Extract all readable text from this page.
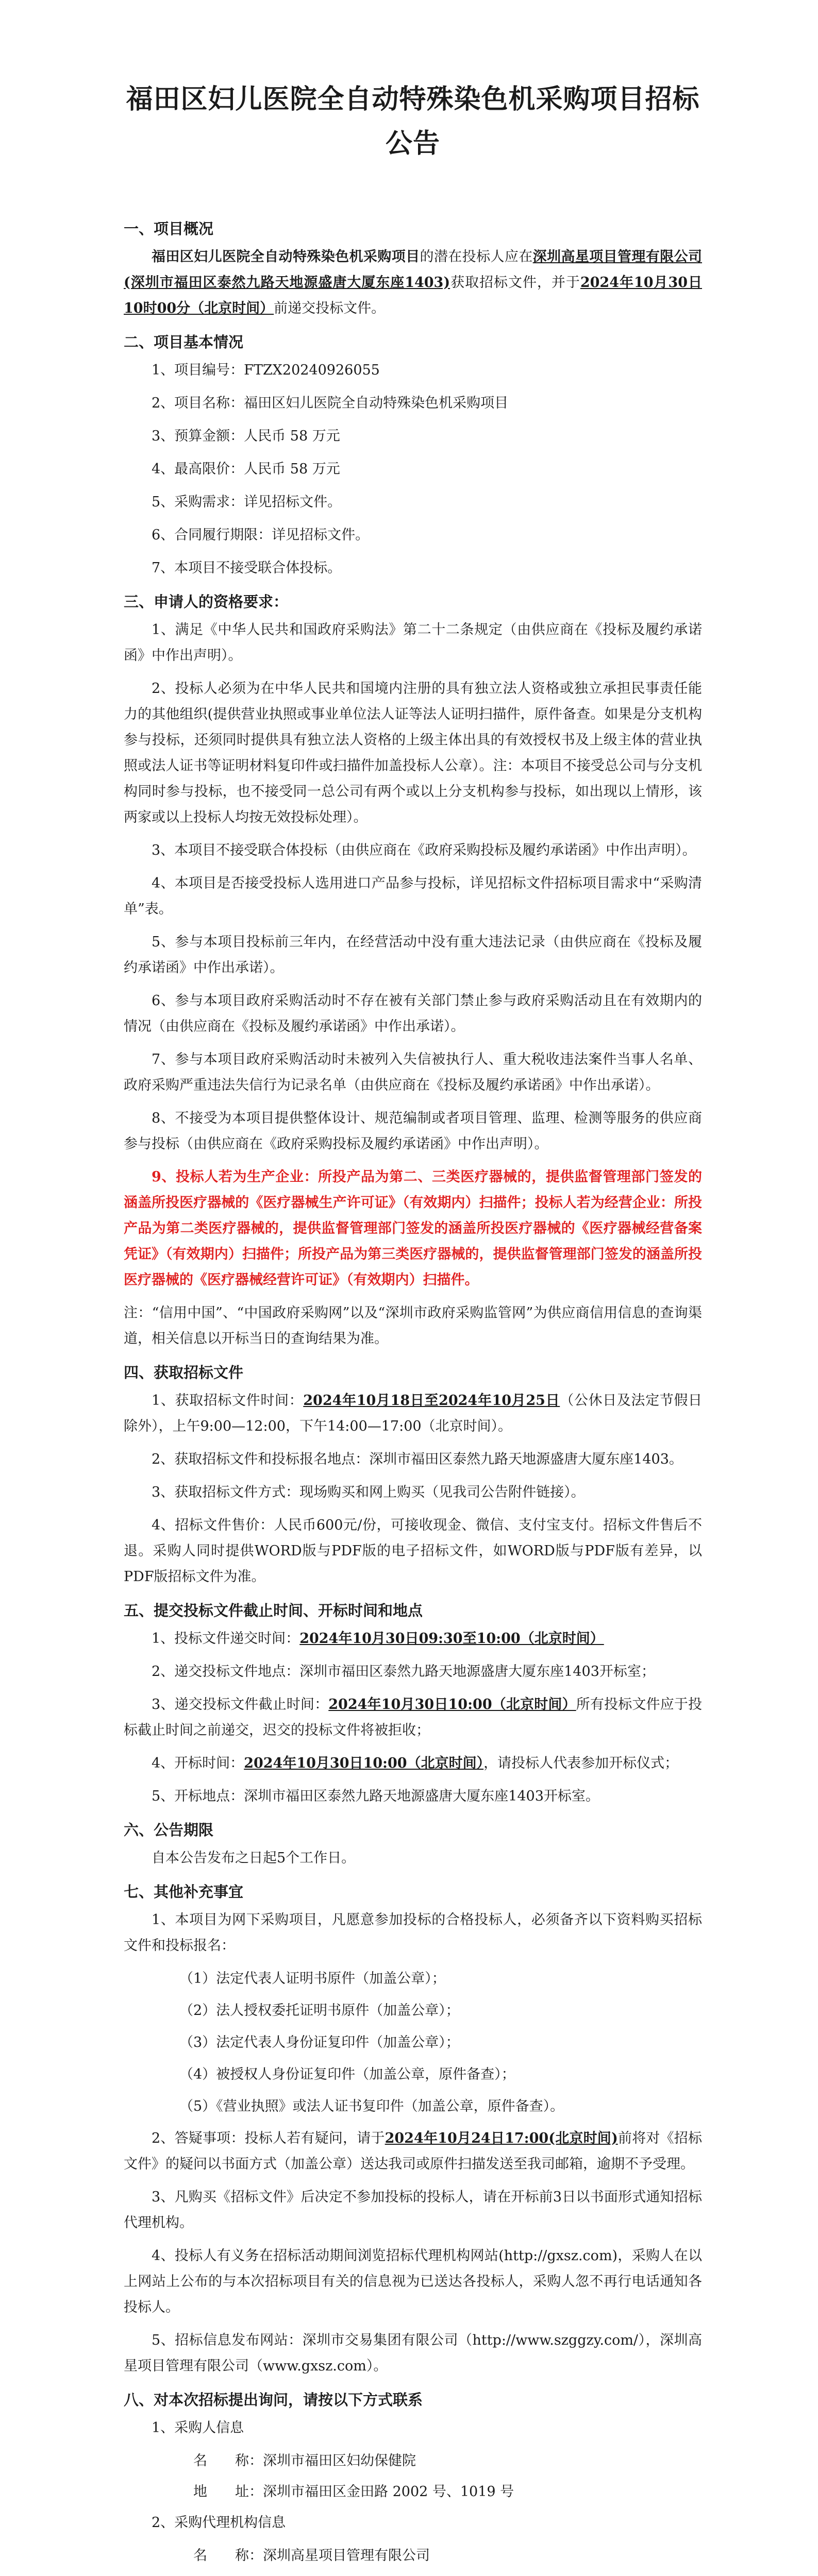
福田区妇儿医院全自动特殊染色机采购项目招标公告
一、项目概况
福田区妇儿医院全自动特殊染色机采购项目的潜在投标人应在深圳高星项目管理有限公司(深圳市福田区泰然九路天地源盛唐大厦东座1403)获取招标文件，并于2024年10月30日10时00分（北京时间）前递交投标文件。
二、项目基本情况
1、项目编号：FTZX20240926055
2、项目名称：福田区妇儿医院全自动特殊染色机采购项目
3、预算金额：人民币 58 万元
4、最高限价：人民币 58 万元
5、采购需求：详见招标文件。
6、合同履行期限：详见招标文件。
7、本项目不接受联合体投标。
三、申请人的资格要求：
1、满足《中华人民共和国政府采购法》第二十二条规定（由供应商在《投标及履约承诺函》中作出声明）。
2、投标人必须为在中华人民共和国境内注册的具有独立法人资格或独立承担民事责任能力的其他组织(提供营业执照或事业单位法人证等法人证明扫描件，原件备查。如果是分支机构参与投标，还须同时提供具有独立法人资格的上级主体出具的有效授权书及上级主体的营业执照或法人证书等证明材料复印件或扫描件加盖投标人公章）。注：本项目不接受总公司与分支机构同时参与投标，也不接受同一总公司有两个或以上分支机构参与投标，如出现以上情形，该两家或以上投标人均按无效投标处理）。
3、本项目不接受联合体投标（由供应商在《政府采购投标及履约承诺函》中作出声明）。
4、本项目是否接受投标人选用进口产品参与投标，详见招标文件招标项目需求中“采购清单”表。
5、参与本项目投标前三年内，在经营活动中没有重大违法记录（由供应商在《投标及履约承诺函》中作出承诺）。
6、参与本项目政府采购活动时不存在被有关部门禁止参与政府采购活动且在有效期内的情况（由供应商在《投标及履约承诺函》中作出承诺）。
7、参与本项目政府采购活动时未被列入失信被执行人、重大税收违法案件当事人名单、政府采购严重违法失信行为记录名单（由供应商在《投标及履约承诺函》中作出承诺）。
8、不接受为本项目提供整体设计、规范编制或者项目管理、监理、检测等服务的供应商参与投标（由供应商在《政府采购投标及履约承诺函》中作出声明）。
9、投标人若为生产企业：所投产品为第二、三类医疗器械的，提供监督管理部门签发的涵盖所投医疗器械的《医疗器械生产许可证》（有效期内）扫描件；投标人若为经营企业：所投产品为第二类医疗器械的，提供监督管理部门签发的涵盖所投医疗器械的《医疗器械经营备案凭证》（有效期内）扫描件；所投产品为第三类医疗器械的，提供监督管理部门签发的涵盖所投医疗器械的《医疗器械经营许可证》（有效期内）扫描件。
注：“信用中国”、“中国政府采购网”以及“深圳市政府采购监管网”为供应商信用信息的查询渠道，相关信息以开标当日的查询结果为准。
四、获取招标文件
1、获取招标文件时间：2024年10月18日至2024年10月25日（公休日及法定节假日除外），上午9:00—12:00，下午14:00—17:00（北京时间）。
2、获取招标文件和投标报名地点：深圳市福田区泰然九路天地源盛唐大厦东座1403。
3、获取招标文件方式：现场购买和网上购买（见我司公告附件链接）。
4、招标文件售价：人民币600元/份，可接收现金、微信、支付宝支付。招标文件售后不退。采购人同时提供WORD版与PDF版的电子招标文件，如WORD版与PDF版有差异，以PDF版招标文件为准。
五、提交投标文件截止时间、开标时间和地点
1、投标文件递交时间：2024年10月30日09:30至10:00（北京时间）
2、递交投标文件地点：深圳市福田区泰然九路天地源盛唐大厦东座1403开标室；
3、递交投标文件截止时间：2024年10月30日10:00（北京时间）所有投标文件应于投标截止时间之前递交，迟交的投标文件将被拒收；
4、开标时间：2024年10月30日10:00（北京时间），请投标人代表参加开标仪式；
5、开标地点：深圳市福田区泰然九路天地源盛唐大厦东座1403开标室。
六、公告期限
自本公告发布之日起5个工作日。
七、其他补充事宜
1、本项目为网下采购项目，凡愿意参加投标的合格投标人，必须备齐以下资料购买招标文件和投标报名：
（1）法定代表人证明书原件（加盖公章）；
（2）法人授权委托证明书原件（加盖公章）；
（3）法定代表人身份证复印件（加盖公章）；
（4）被授权人身份证复印件（加盖公章，原件备查）；
（5）《营业执照》或法人证书复印件（加盖公章，原件备查）。
2、答疑事项：投标人若有疑问，请于2024年10月24日17:00(北京时间)前将对《招标文件》的疑问以书面方式（加盖公章）送达我司或原件扫描发送至我司邮箱，逾期不予受理。
3、凡购买《招标文件》后决定不参加投标的投标人，请在开标前3日以书面形式通知招标代理机构。
4、投标人有义务在招标活动期间浏览招标代理机构网站(http://gxsz.com)，采购人在以上网站上公布的与本次招标项目有关的信息视为已送达各投标人，采购人忽不再行电话通知各投标人。
5、招标信息发布网站：深圳市交易集团有限公司（http://www.szggzy.com/），深圳高星项目管理有限公司（www.gxsz.com）。
八、对本次招标提出询问，请按以下方式联系
1、采购人信息
名　　称： 深圳市福田区妇幼保健院
地　　址： 深圳市福田区金田路 2002 号、1019 号
2、采购代理机构信息
名　　称： 深圳高星项目管理有限公司
